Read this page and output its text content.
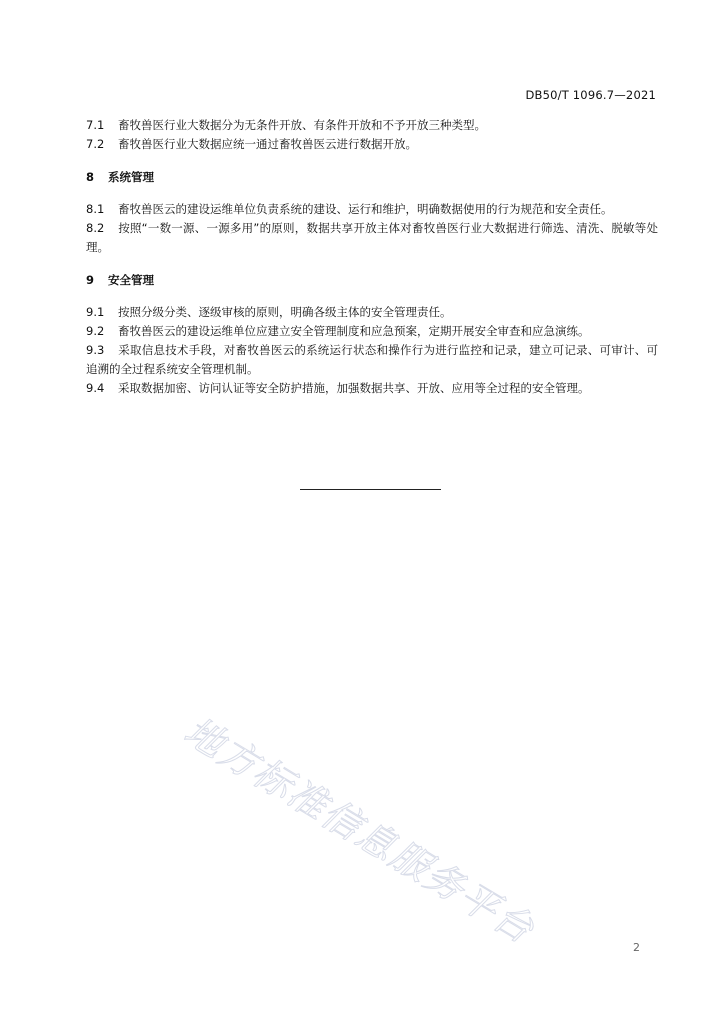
DB50/T 1096.7—2021
7.1 畜牧兽医行业大数据分为无条件开放、有条件开放和不予开放三种类型。
7.2 畜牧兽医行业大数据应统一通过畜牧兽医云进行数据开放。
8 系统管理
8.1 畜牧兽医云的建设运维单位负责系统的建设、运行和维护，明确数据使用的行为规范和安全责任。
8.2 按照“一数一源、一源多用”的原则，数据共享开放主体对畜牧兽医行业大数据进行筛选、清洗、脱敏等处理。
9 安全管理
9.1 按照分级分类、逐级审核的原则，明确各级主体的安全管理责任。
9.2 畜牧兽医云的建设运维单位应建立安全管理制度和应急预案，定期开展安全审查和应急演练。
9.3 采取信息技术手段，对畜牧兽医云的系统运行状态和操作行为进行监控和记录，建立可记录、可审计、可追溯的全过程系统安全管理机制。
9.4 采取数据加密、访问认证等安全防护措施，加强数据共享、开放、应用等全过程的安全管理。
地方标准信息服务平台	2
